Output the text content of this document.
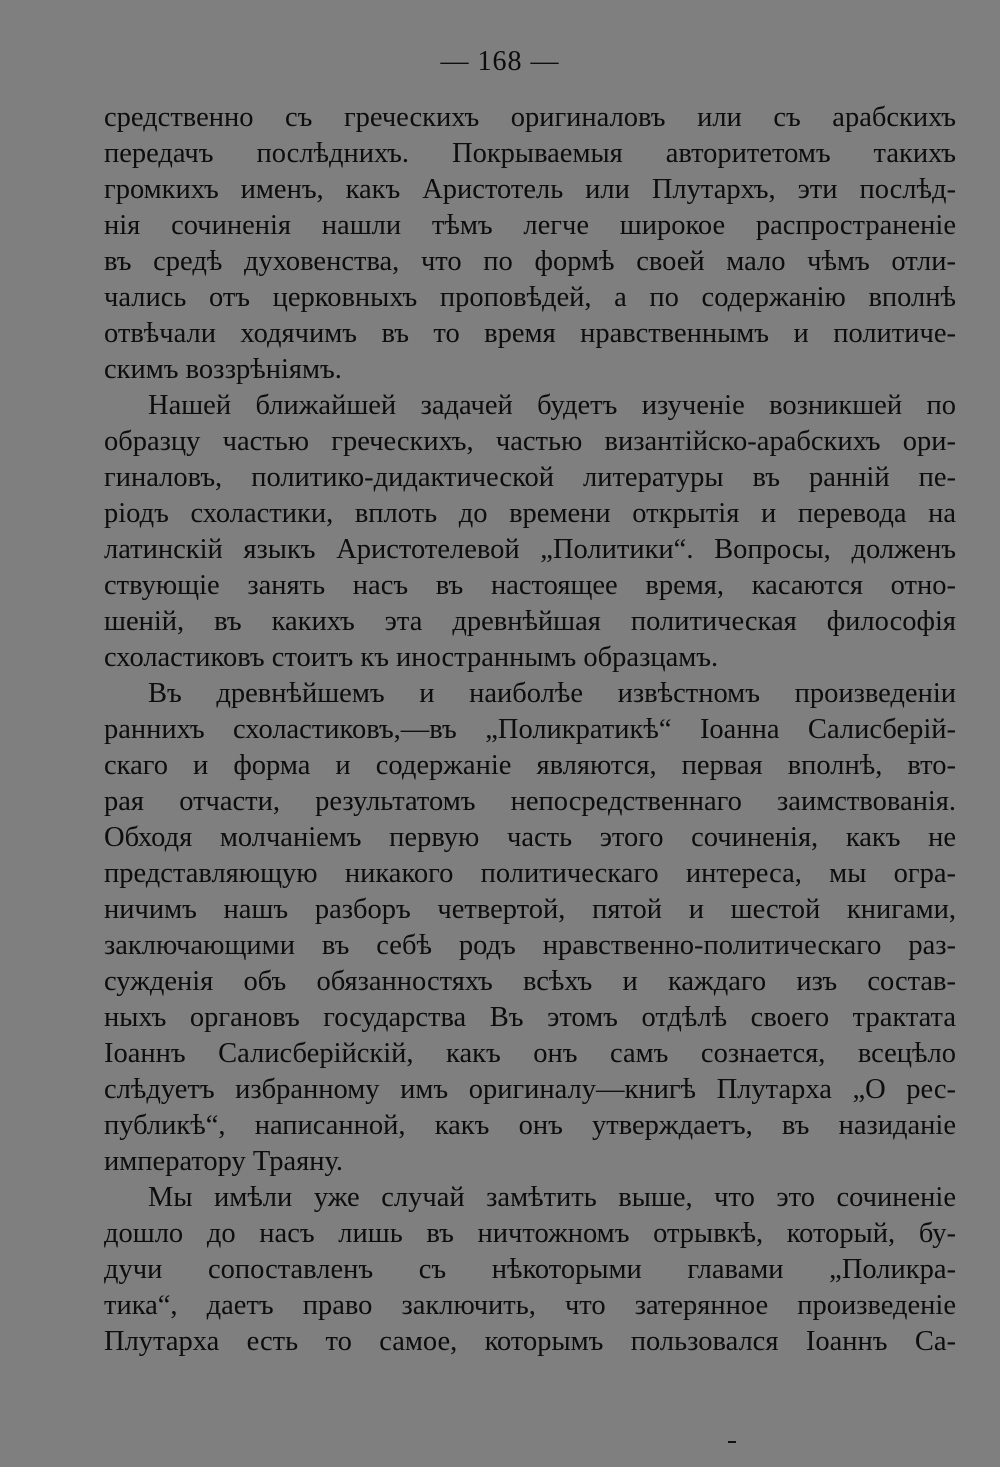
— 168 —
средственно съ греческихъ оригиналовъ или съ арабскихъ
передачъ послѣднихъ. Покрываемыя авторитетомъ такихъ
громкихъ именъ, какъ Аристотель или Плутархъ, эти послѣд-
нія сочиненія нашли тѣмъ легче широкое распространеніе
въ средѣ духовенства, что по формѣ своей мало чѣмъ отли-
чались отъ церковныхъ проповѣдей, а по содержанію вполнѣ
отвѣчали ходячимъ въ то время нравственнымъ и политиче-
скимъ воззрѣніямъ.
Нашей ближайшей задачей будетъ изученіе возникшей по
образцу частью греческихъ, частью византійско-арабскихъ ори-
гиналовъ, политико-дидактической литературы въ ранній пе-
ріодъ схоластики, вплоть до времени открытія и перевода на
латинскій языкъ Аристотелевой „Политики“. Вопросы, долженъ
ствующіе занять насъ въ настоящее время, касаются отно-
шеній, въ какихъ эта древнѣйшая политическая философія
схоластиковъ стоитъ къ иностраннымъ образцамъ.
Въ древнѣйшемъ и наиболѣе извѣстномъ произведеніи
раннихъ схоластиковъ,—въ „Поликратикѣ“ Іоанна Салисберій-
скаго и форма и содержаніе являются, первая вполнѣ, вто-
рая отчасти, результатомъ непосредственнаго заимствованія.
Обходя молчаніемъ первую часть этого сочиненія, какъ не
представляющую никакого политическаго интереса, мы огра-
ничимъ нашъ разборъ четвертой, пятой и шестой книгами,
заключающими въ себѣ родъ нравственно-политическаго раз-
сужденія объ обязанностяхъ всѣхъ и каждаго изъ состав-
ныхъ органовъ государства Въ этомъ отдѣлѣ своего трактата
Іоаннъ Салисберійскій, какъ онъ самъ сознается, всецѣло
слѣдуетъ избранному имъ оригиналу—книгѣ Плутарха „О рес-
публикѣ“, написанной, какъ онъ утверждаетъ, въ назиданіе
императору Траяну.
Мы имѣли уже случай замѣтить выше, что это сочиненіе
дошло до насъ лишь въ ничтожномъ отрывкѣ, который, бу-
дучи сопоставленъ съ нѣкоторыми главами „Поликра-
тика“, даетъ право заключить, что затерянное произведеніе
Плутарха есть то самое, которымъ пользовался Іоаннъ Са-
